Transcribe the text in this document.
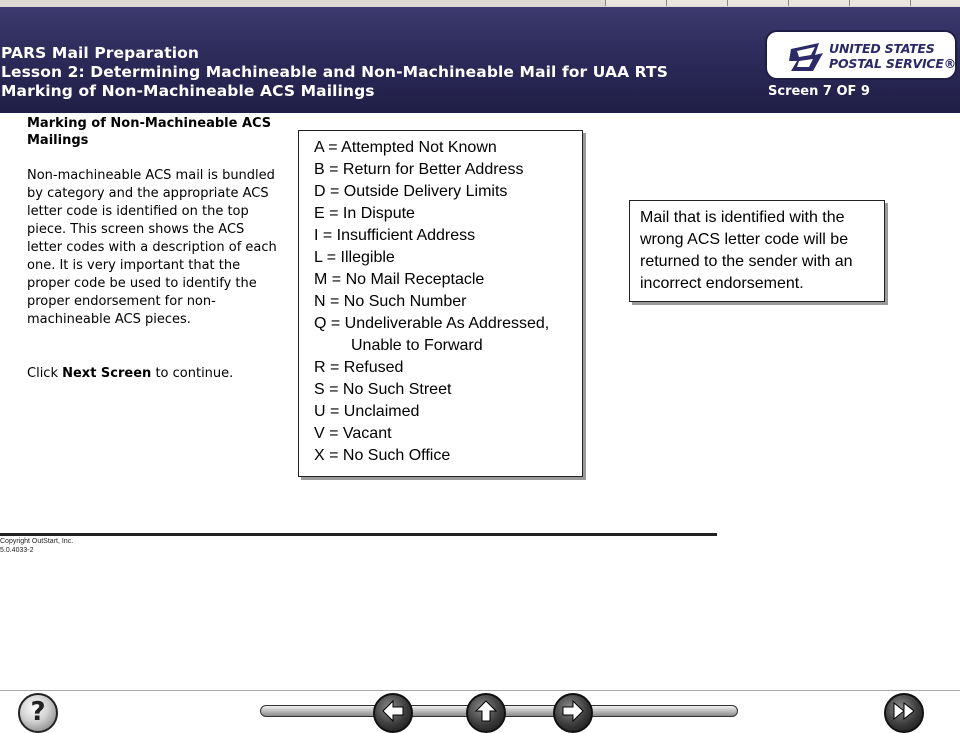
PARS Mail Preparation
Lesson 2: Determining Machineable and Non-Machineable Mail for UAA RTS
Marking of Non-Machineable ACS Mailings	Screen 7 OF 9
UNITED STATES
POSTAL SERVICE®
Marking of Non-Machineable ACS Mailings
Non-machineable ACS mail is bundled by category and the appropriate ACS letter code is identified on the top piece. This screen shows the ACS letter codes with a description of each one. It is very important that the proper code be used to identify the proper endorsement for non-machineable ACS pieces.
Click Next Screen to continue.
A = Attempted Not Known
B = Return for Better Address
D = Outside Delivery Limits
E = In Dispute
I = Insufficient Address
L = Illegible
M = No Mail Receptacle
N = No Such Number
Q = Undeliverable As Addressed,
Unable to Forward
R = Refused
S = No Such Street
U = Unclaimed
V = Vacant
X = No Such Office
Mail that is identified with the wrong ACS letter code will be returned to the sender with an incorrect endorsement.
Copyright OutStart, Inc.
5.0.4033-2
?
